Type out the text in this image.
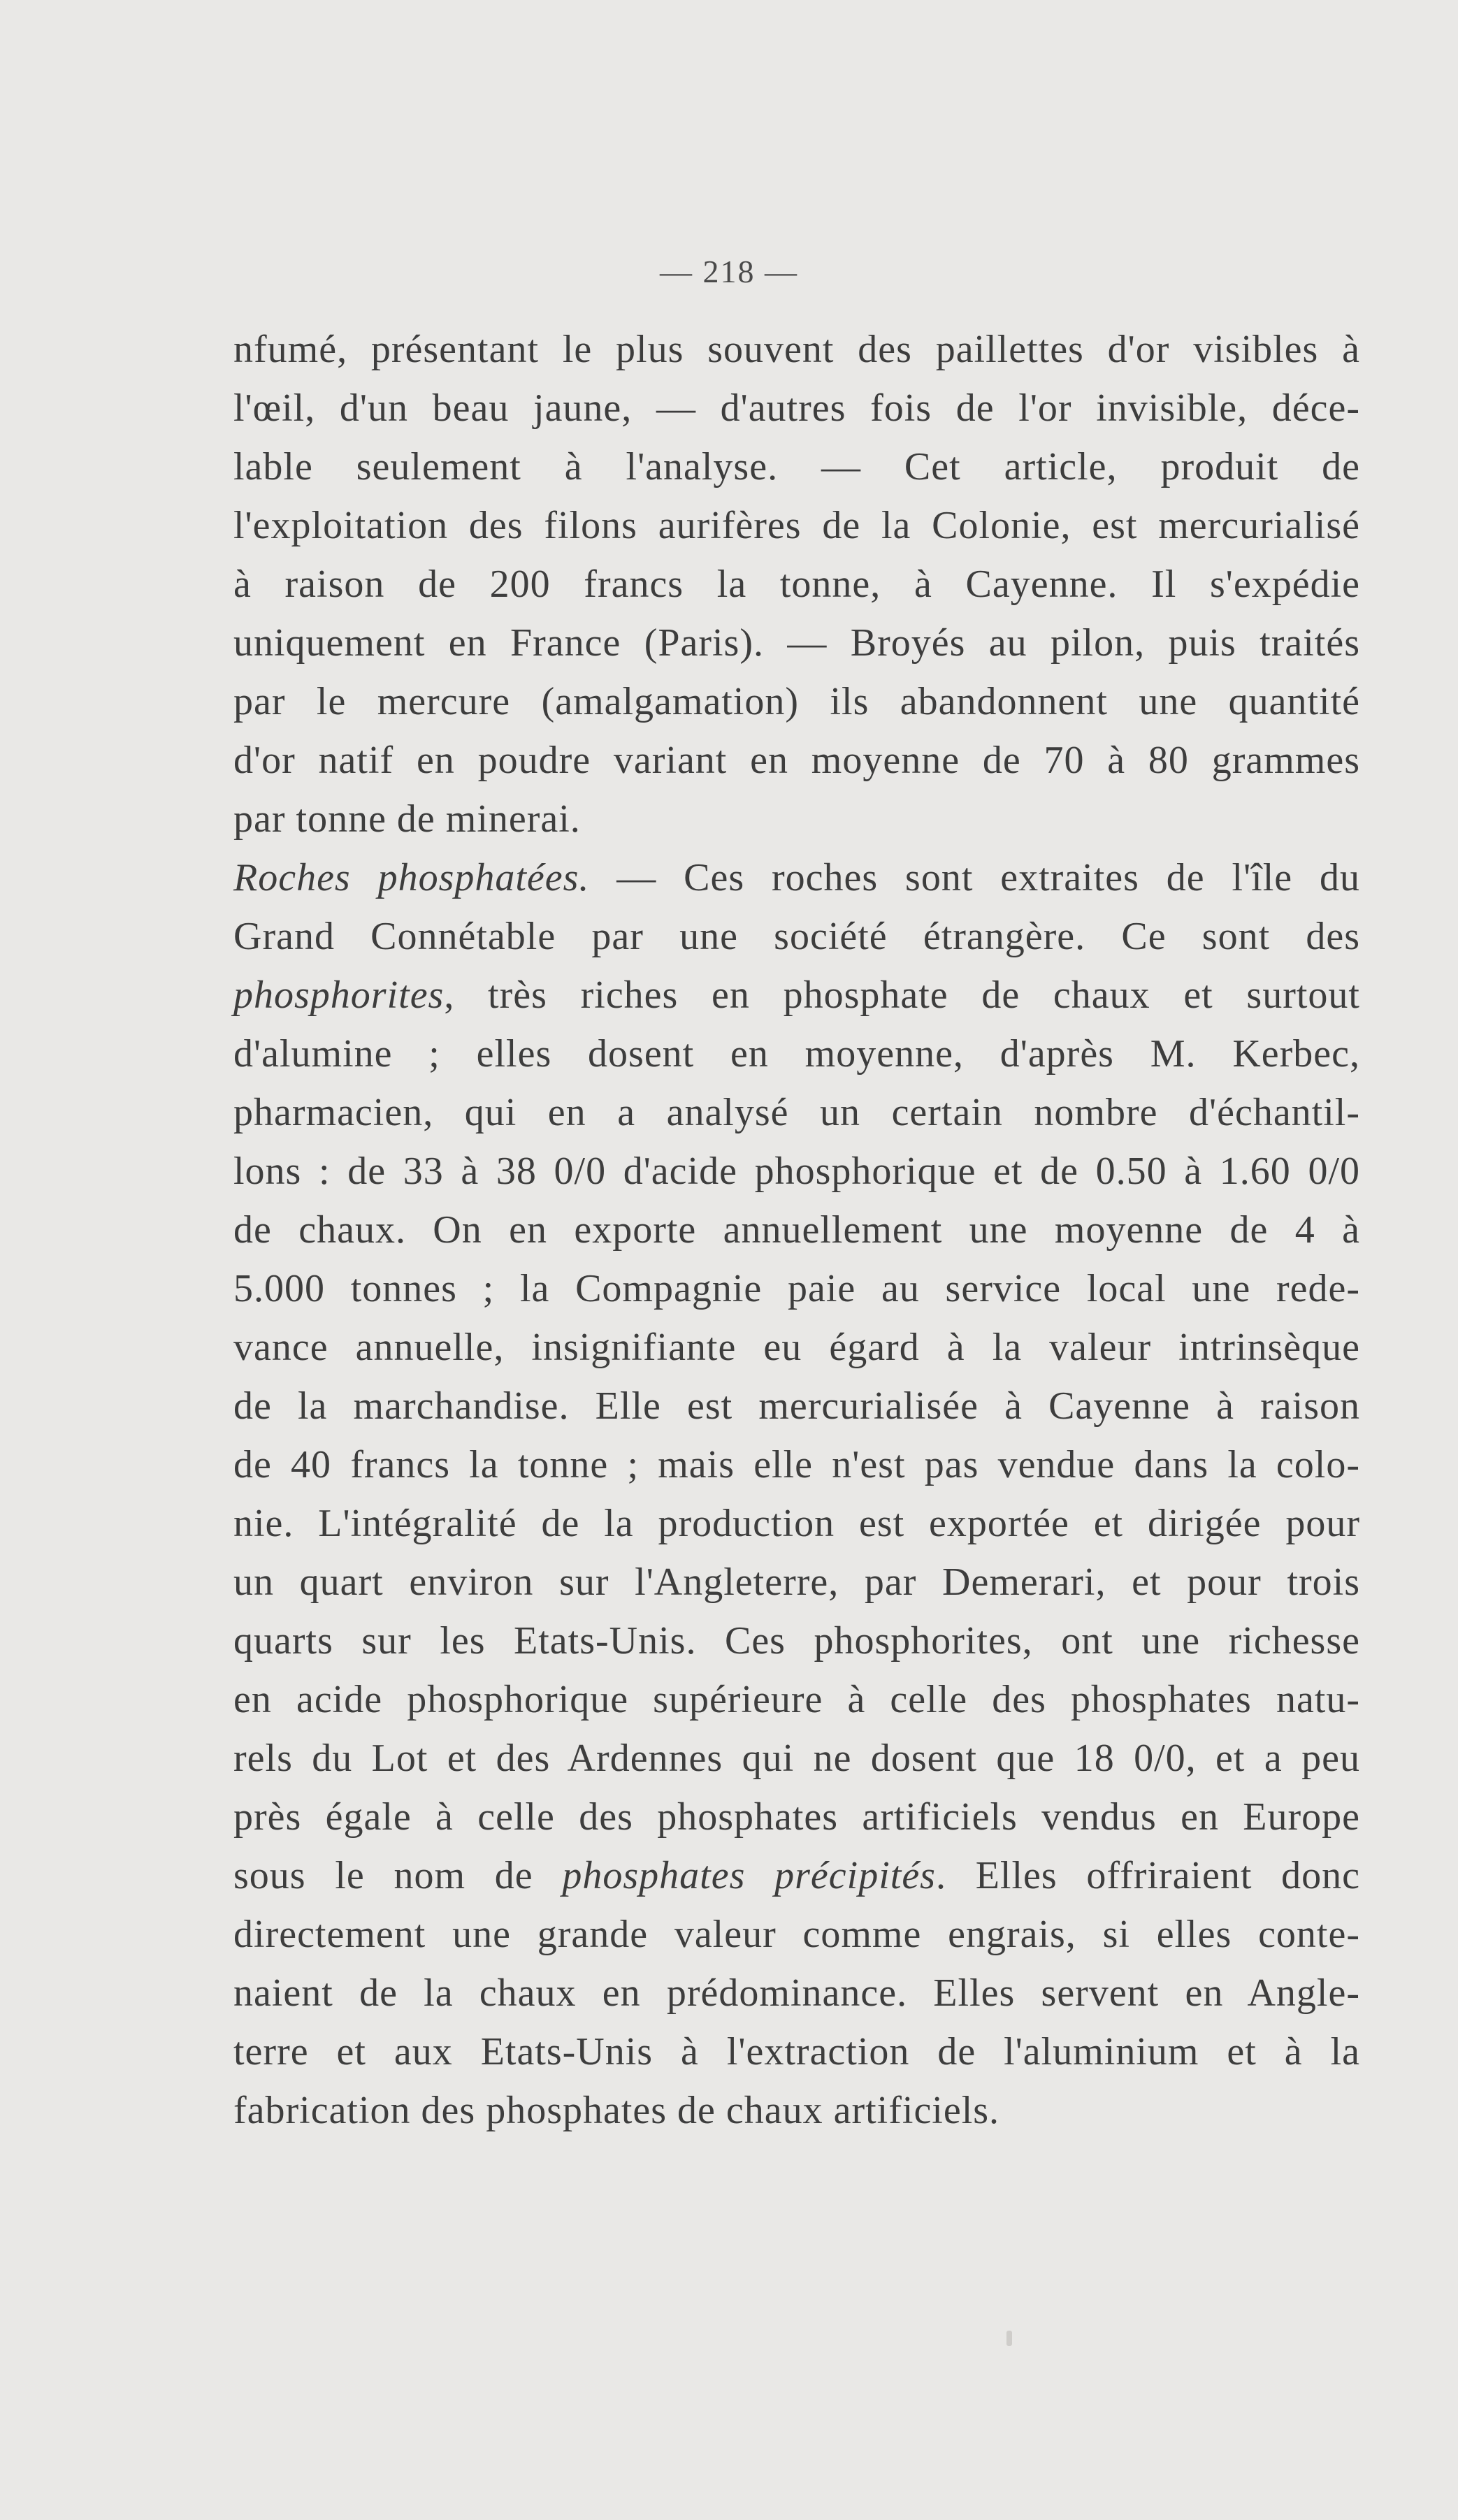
— 218 —
nfumé, présentant le plus souvent des paillettes d'or visibles à
l'œil, d'un beau jaune, — d'autres fois de l'or invisible, déce-
lable seulement à l'analyse. — Cet article, produit de
l'exploitation des filons aurifères de la Colonie, est mercurialisé
à raison de 200 francs la tonne, à Cayenne. Il s'expédie
uniquement en France (Paris). — Broyés au pilon, puis traités
par le mercure (amalgamation) ils abandonnent une quantité
d'or natif en poudre variant en moyenne de 70 à 80 grammes
par tonne de minerai.
Roches phosphatées. — Ces roches sont extraites de l'île du
Grand Connétable par une société étrangère. Ce sont des
phosphorites, très riches en phosphate de chaux et surtout
d'alumine ; elles dosent en moyenne, d'après M. Kerbec,
pharmacien, qui en a analysé un certain nombre d'échantil-
lons : de 33 à 38 0/0 d'acide phosphorique et de 0.50 à 1.60 0/0
de chaux. On en exporte annuellement une moyenne de 4 à
5.000 tonnes ; la Compagnie paie au service local une rede-
vance annuelle, insignifiante eu égard à la valeur intrinsèque
de la marchandise. Elle est mercurialisée à Cayenne à raison
de 40 francs la tonne ; mais elle n'est pas vendue dans la colo-
nie. L'intégralité de la production est exportée et dirigée pour
un quart environ sur l'Angleterre, par Demerari, et pour trois
quarts sur les Etats-Unis. Ces phosphorites, ont une richesse
en acide phosphorique supérieure à celle des phosphates natu-
rels du Lot et des Ardennes qui ne dosent que 18 0/0, et a peu
près égale à celle des phosphates artificiels vendus en Europe
sous le nom de phosphates précipités. Elles offriraient donc
directement une grande valeur comme engrais, si elles conte-
naient de la chaux en prédominance. Elles servent en Angle-
terre et aux Etats-Unis à l'extraction de l'aluminium et à la
fabrication des phosphates de chaux artificiels.
